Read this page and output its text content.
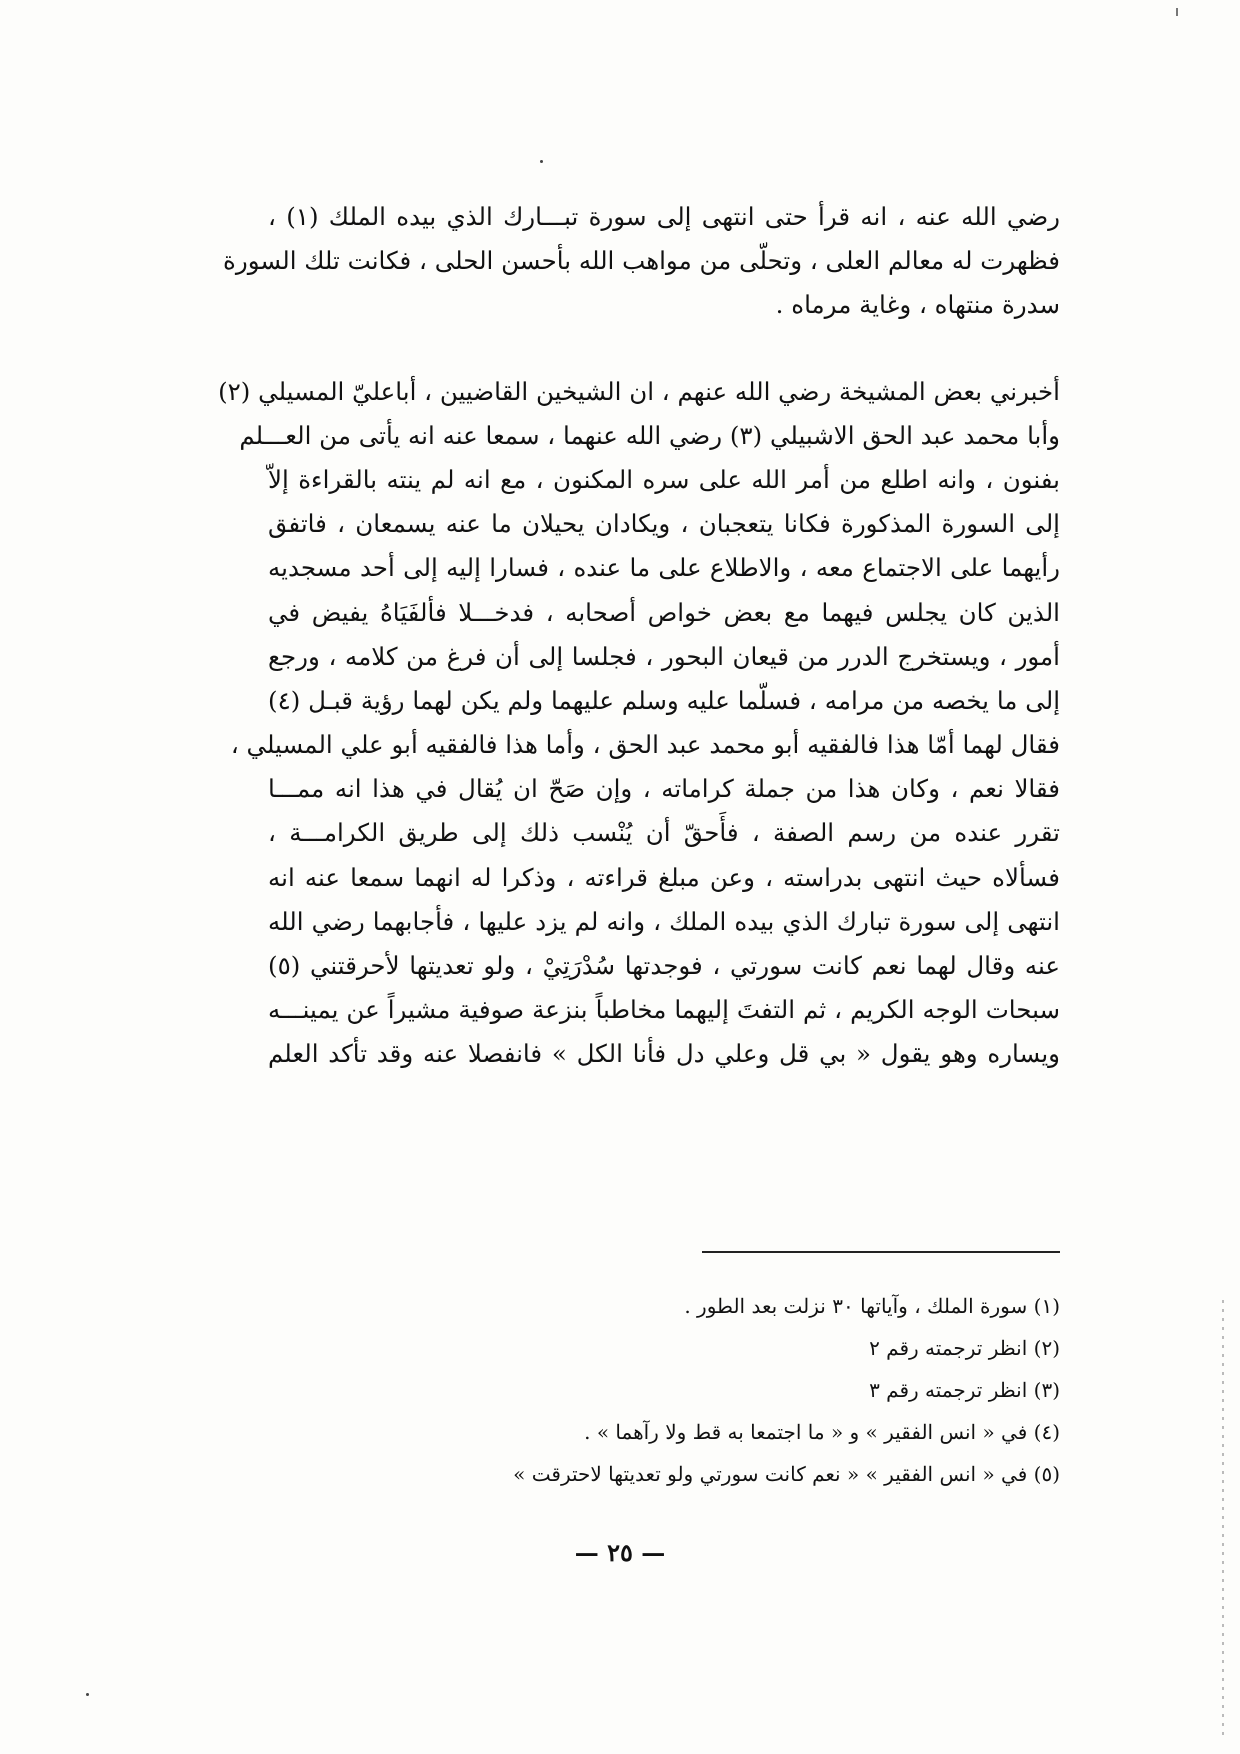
رضي الله عنه ، انه قرأ حتى انتهى إلى سورة تبـــارك الذي بيده الملك (١) ،
فظهرت له معالم العلى ، وتحلّى من مواهب الله بأحسن الحلى ، فكانت تلك السورة
سدرة منتهاه ، وغاية مرماه .
أخبرني بعض المشيخة رضي الله عنهم ، ان الشيخين القاضيين ، أباعليّ المسيلي (٢)
وأبا محمد عبد الحق الاشبيلي (٣) رضي الله عنهما ، سمعا عنه انه يأتى من العـــلم
بفنون ، وانه اطلع من أمر الله على سره المكنون ، مع انه لم ينته بالقراءة إلاّ
إلى السورة المذكورة فكانا يتعجبان ، ويكادان يحيلان ما عنه يسمعان ، فاتفق
رأيهما على الاجتماع معه ، والاطلاع على ما عنده ، فسارا إليه إلى أحد مسجديه
الذين كان يجلس فيهما مع بعض خواص أصحابه ، فدخـــلا فألفَيَاهُ يفيض في
أمور ، ويستخرج الدرر من قيعان البحور ، فجلسا إلى أن فرغ من كلامه ، ورجع
إلى ما يخصه من مرامه ، فسلّما عليه وسلم عليهما ولم يكن لهما رؤية قبـل (٤)
فقال لهما أمّا هذا فالفقيه أبو محمد عبد الحق ، وأما هذا فالفقيه أبو علي المسيلي ،
فقالا نعم ، وكان هذا من جملة كراماته ، وإن صَحّ ان يُقال في هذا انه ممـــا
تقرر عنده من رسم الصفة ، فأَحقّ أن يُنْسب ذلك إلى طريق الكرامـــة ،
فسألاه حيث انتهى بدراسته ، وعن مبلغ قراءته ، وذكرا له انهما سمعا عنه انه
انتهى إلى سورة تبارك الذي بيده الملك ، وانه لم يزد عليها ، فأجابهما رضي الله
عنه وقال لهما نعم كانت سورتي ، فوجدتها سُدْرَتِيْ ، ولو تعديتها لأحرقتني (٥)
سبحات الوجه الكريم ، ثم التفتَ إليهما مخاطباً بنزعة صوفية مشيراً عن يمينـــه
ويساره وهو يقول « بي قل وعلي دل فأنا الكل » فانفصلا عنه وقد تأكد العلم
(١) سورة الملك ، وآياتها ٣٠ نزلت بعد الطور .
(٢) انظر ترجمته رقم ٢
(٣) انظر ترجمته رقم ٣
(٤) في « انس الفقير » و « ما اجتمعا به قط ولا رآهما » .
(٥) في « انس الفقير » « نعم كانت سورتي ولو تعديتها لاحترقت »
— ٢٥ —
